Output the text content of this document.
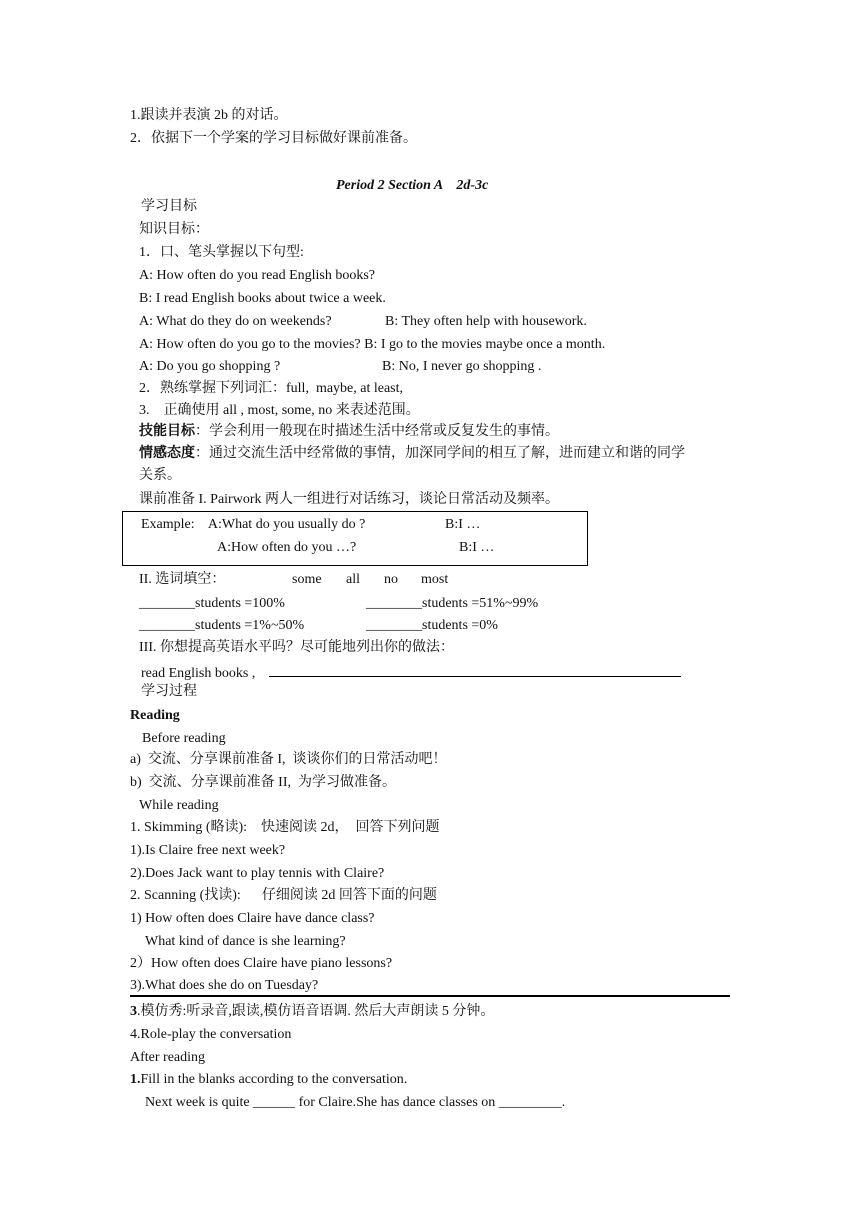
1.跟读并表演 2b 的对话。
2．依据下一个学案的学习目标做好课前准备。
Period 2 Section A　2d-3c
学习目标
知识目标：
1．口、笔头掌握以下句型:
A: How often do you read English books?
B: I read English books about twice a week.
A: What do they do on weekends?	B: They often help with housework.
A: How often do you go to the movies? B: I go to the movies maybe once a month.
A: Do you go shopping ?	B: No, I never go shopping .
2．熟练掌握下列词汇：full,  maybe, at least,
3.　正确使用 all , most, some, no 来表述范围。
技能目标：学会利用一般现在时描述生活中经常或反复发生的事情。
情感态度：通过交流生活中经常做的事情，加深同学间的相互了解，进而建立和谐的同学
关系。
课前准备 I. Pairwork 两人一组进行对话练习，谈论日常活动及频率。
Example:    A:What do you usually do ?	B:I …
A:How often do you …?	B:I …
II. 选词填空：	some all no most
________students =100%	________students =51%~99%
________students =1%~50%	________students =0%
III. 你想提高英语水平吗？尽可能地列出你的做法：
read English books ,
学习过程
Reading
Before reading
a)  交流、分享课前准备 I,  谈谈你们的日常活动吧！
b)  交流、分享课前准备 II,  为学习做准备。
While reading
1. Skimming (略读):    快速阅读 2d，  回答下列问题
1).Is Claire free next week?
2).Does Jack want to play tennis with Claire?
2. Scanning (找读):      仔细阅读 2d 回答下面的问题
1) How often does Claire have dance class?
What kind of dance is she learning?
2）How often does Claire have piano lessons?
3).What does she do on Tuesday?
3.模仿秀:听录音,跟读,模仿语音语调. 然后大声朗读 5 分钟。
4.Role-play the conversation
After reading
1.Fill in the blanks according to the conversation.
Next week is quite ______ for Claire.She has dance classes on _________.
